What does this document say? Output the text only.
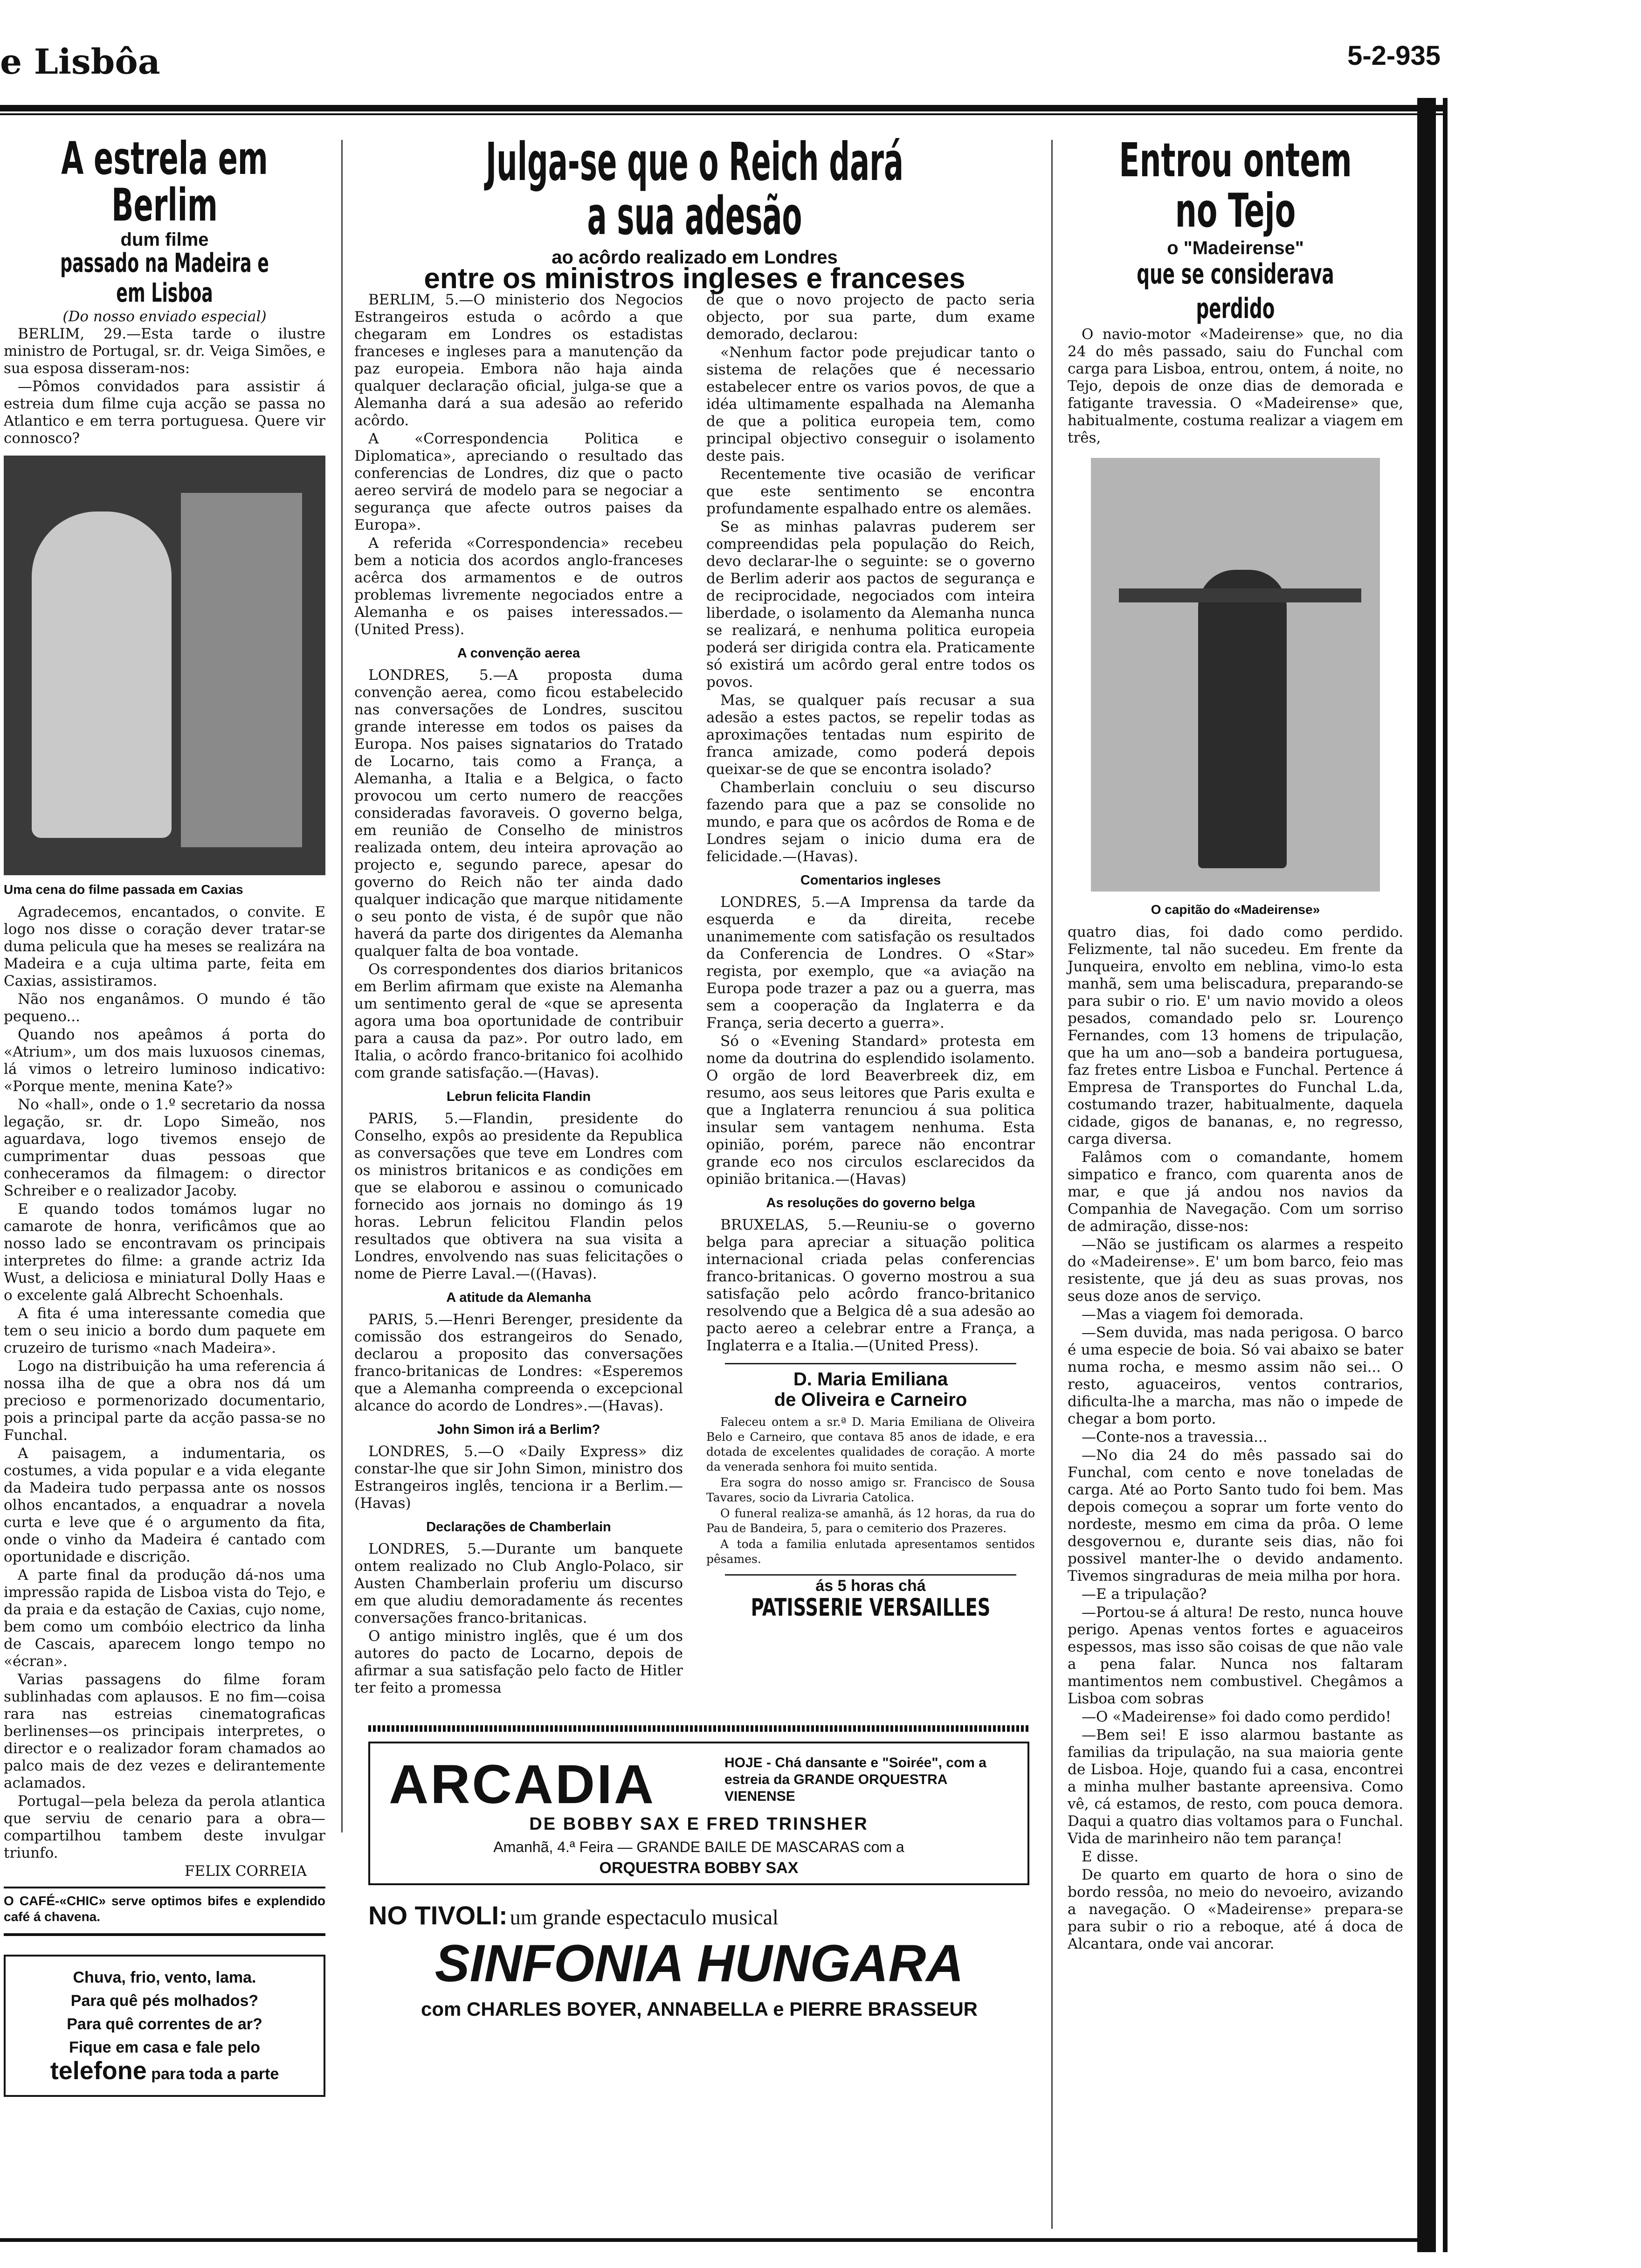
e Lisbôa	5-2-935
A estrela em Berlim
dum filme
passado na Madeira e em Lisboa
(Do nosso enviado especial)

BERLIM, 29.—Esta tarde o ilustre ministro de Portugal, sr. dr. Veiga Simões, e sua esposa disseram-nos:

—Pômos convidados para assistir á estreia dum filme cuja acção se passa no Atlantico e em terra portuguesa. Quere vir connosco?

Uma cena do filme passada em Caxias

Agradecemos, encantados, o convite. E logo nos disse o coração dever tratar-se duma pelicula que ha meses se realizára na Madeira e a cuja ultima parte, feita em Caxias, assistiramos.

Não nos enganâmos. O mundo é tão pequeno...

Quando nos apeâmos á porta do «Atrium», um dos mais luxuosos cinemas, lá vimos o letreiro luminoso indicativo: «Porque mente, menina Kate?»

No «hall», onde o 1.º secretario da nossa legação, sr. dr. Lopo Simeão, nos aguardava, logo tivemos ensejo de cumprimentar duas pessoas que conheceramos da filmagem: o director Schreiber e o realizador Jacoby.

E quando todos tomámos lugar no camarote de honra, verificâmos que ao nosso lado se encontravam os principais interpretes do filme: a grande actriz Ida Wust, a deliciosa e miniatural Dolly Haas e o excelente galá Albrecht Schoenhals.

A fita é uma interessante comedia que tem o seu inicio a bordo dum paquete em cruzeiro de turismo «nach Madeira».

Logo na distribuição ha uma referencia á nossa ilha de que a obra nos dá um precioso e pormenorizado documentario, pois a principal parte da acção passa-se no Funchal.

A paisagem, a indumentaria, os costumes, a vida popular e a vida elegante da Madeira tudo perpassa ante os nossos olhos encantados, a enquadrar a novela curta e leve que é o argumento da fita, onde o vinho da Madeira é cantado com oportunidade e discrição.

A parte final da produção dá-nos uma impressão rapida de Lisboa vista do Tejo, e da praia e da estação de Caxias, cujo nome, bem como um combóio electrico da linha de Cascais, aparecem longo tempo no «écran».

Varias passagens do filme foram sublinhadas com aplausos. E no fim—coisa rara nas estreias cinematograficas berlinenses—os principais interpretes, o director e o realizador foram chamados ao palco mais de dez vezes e delirantemente aclamados.

Portugal—pela beleza da perola atlantica que serviu de cenario para a obra—compartilhou tambem deste invulgar triunfo.

FELIX CORREIA

O CAFÉ-«CHIC» serve optimos bifes e explendido café á chavena.
Chuva, frio, vento, lama.
Para quê pés molhados?
Para quê correntes de ar?
Fique em casa e fale pelo
telefone para toda a parte
Julga-se que o Reich dará a sua adesão
ao acôrdo realizado em Londres
entre os ministros ingleses e franceses

BERLIM, 5.—O ministerio dos Negocios Estrangeiros estuda o acôrdo a que chegaram em Londres os estadistas franceses e ingleses para a manutenção da paz europeia. Embora não haja ainda qualquer declaração oficial, julga-se que a Alemanha dará a sua adesão ao referido acôrdo.

A «Correspondencia Politica e Diplomatica», apreciando o resultado das conferencias de Londres, diz que o pacto aereo servirá de modelo para se negociar a segurança que afecte outros paises da Europa».

A referida «Correspondencia» recebeu bem a noticia dos acordos anglo-franceses acêrca dos armamentos e de outros problemas livremente negociados entre a Alemanha e os paises interessados.—(United Press).

A convenção aerea

LONDRES, 5.—A proposta duma convenção aerea, como ficou estabelecido nas conversações de Londres, suscitou grande interesse em todos os paises da Europa. Nos paises signatarios do Tratado de Locarno, tais como a França, a Alemanha, a Italia e a Belgica, o facto provocou um certo numero de reacções consideradas favoraveis. O governo belga, em reunião de Conselho de ministros realizada ontem, deu inteira aprovação ao projecto e, segundo parece, apesar do governo do Reich não ter ainda dado qualquer indicação que marque nitidamente o seu ponto de vista, é de supôr que não haverá da parte dos dirigentes da Alemanha qualquer falta de boa vontade.

Os correspondentes dos diarios britanicos em Berlim afirmam que existe na Alemanha um sentimento geral de «que se apresenta agora uma boa oportunidade de contribuir para a causa da paz». Por outro lado, em Italia, o acôrdo franco-britanico foi acolhido com grande satisfação.—(Havas).

Lebrun felicita Flandin

PARIS, 5.—Flandin, presidente do Conselho, expôs ao presidente da Republica as conversações que teve em Londres com os ministros britanicos e as condições em que se elaborou e assinou o comunicado fornecido aos jornais no domingo ás 19 horas. Lebrun felicitou Flandin pelos resultados que obtivera na sua visita a Londres, envolvendo nas suas felicitações o nome de Pierre Laval.—((Havas).

A atitude da Alemanha

PARIS, 5.—Henri Berenger, presidente da comissão dos estrangeiros do Senado, declarou a proposito das conversações franco-britanicas de Londres: «Esperemos que a Alemanha compreenda o excepcional alcance do acordo de Londres».—(Havas).

John Simon irá a Berlim?

LONDRES, 5.—O «Daily Express» diz constar-lhe que sir John Simon, ministro dos Estrangeiros inglês, tenciona ir a Berlim.—(Havas)

Declarações de Chamberlain

LONDRES, 5.—Durante um banquete ontem realizado no Club Anglo-Polaco, sir Austen Chamberlain proferiu um discurso em que aludiu demoradamente ás recentes conversações franco-britanicas.

O antigo ministro inglês, que é um dos autores do pacto de Locarno, depois de afirmar a sua satisfação pelo facto de Hitler ter feito a promessa

de que o novo projecto de pacto seria objecto, por sua parte, dum exame demorado, declarou:

«Nenhum factor pode prejudicar tanto o sistema de relações que é necessario estabelecer entre os varios povos, de que a idéa ultimamente espalhada na Alemanha de que a politica europeia tem, como principal objectivo conseguir o isolamento deste pais.

Recentemente tive ocasião de verificar que este sentimento se encontra profundamente espalhado entre os alemães.

Se as minhas palavras puderem ser compreendidas pela população do Reich, devo declarar-lhe o seguinte: se o governo de Berlim aderir aos pactos de segurança e de reciprocidade, negociados com inteira liberdade, o isolamento da Alemanha nunca se realizará, e nenhuma politica europeia poderá ser dirigida contra ela. Praticamente só existirá um acôrdo geral entre todos os povos.

Mas, se qualquer país recusar a sua adesão a estes pactos, se repelir todas as aproximações tentadas num espirito de franca amizade, como poderá depois queixar-se de que se encontra isolado?

Chamberlain concluiu o seu discurso fazendo para que a paz se consolide no mundo, e para que os acôrdos de Roma e de Londres sejam o inicio duma era de felicidade.—(Havas).

Comentarios ingleses

LONDRES, 5.—A Imprensa da tarde da esquerda e da direita, recebe unanimemente com satisfação os resultados da Conferencia de Londres. O «Star» regista, por exemplo, que «a aviação na Europa pode trazer a paz ou a guerra, mas sem a cooperação da Inglaterra e da França, seria decerto a guerra».

Só o «Evening Standard» protesta em nome da doutrina do esplendido isolamento. O orgão de lord Beaverbreek diz, em resumo, aos seus leitores que Paris exulta e que a Inglaterra renunciou á sua politica insular sem vantagem nenhuma. Esta opinião, porém, parece não encontrar grande eco nos circulos esclarecidos da opinião britanica.—(Havas)

As resoluções do governo belga

BRUXELAS, 5.—Reuniu-se o governo belga para apreciar a situação politica internacional criada pelas conferencias franco-britanicas. O governo mostrou a sua satisfação pelo acôrdo franco-britanico resolvendo que a Belgica dê a sua adesão ao pacto aereo a celebrar entre a França, a Inglaterra e a Italia.—(United Press).

D. Maria Emiliana
de Oliveira e Carneiro

Faleceu ontem a sr.ª D. Maria Emiliana de Oliveira Belo e Carneiro, que contava 85 anos de idade, e era dotada de excelentes qualidades de coração. A morte da venerada senhora foi muito sentida.

Era sogra do nosso amigo sr. Francisco de Sousa Tavares, socio da Livraria Catolica.

O funeral realiza-se amanhã, ás 12 horas, da rua do Pau de Bandeira, 5, para o cemiterio dos Prazeres.

A toda a familia enlutada apresentamos sentidos pêsames.

ás 5 horas chá
PATISSERIE VERSAILLES
ARCADIA	HOJE - Chá dansante e "Soirée", com a estreia da GRANDE ORQUESTRA VIENENSE
DE BOBBY SAX E FRED TRINSHER
Amanhã, 4.ª Feira — GRANDE BAILE DE MASCARAS com a
ORQUESTRA BOBBY SAX
NO TIVOLI: um grande espectaculo musical
SINFONIA HUNGARA
com CHARLES BOYER, ANNABELLA e PIERRE BRASSEUR
Entrou ontem no Tejo
o "Madeirense"
que se considerava perdido

O navio-motor «Madeirense» que, no dia 24 do mês passado, saiu do Funchal com carga para Lisboa, entrou, ontem, á noite, no Tejo, depois de onze dias de demorada e fatigante travessia. O «Madeirense» que, habitualmente, costuma realizar a viagem em três,

O capitão do «Madeirense»

quatro dias, foi dado como perdido. Felizmente, tal não sucedeu. Em frente da Junqueira, envolto em neblina, vimo-lo esta manhã, sem uma beliscadura, preparando-se para subir o rio. E' um navio movido a oleos pesados, comandado pelo sr. Lourenço Fernandes, com 13 homens de tripulação, que ha um ano—sob a bandeira portuguesa, faz fretes entre Lisboa e Funchal. Pertence á Empresa de Transportes do Funchal L.da, costumando trazer, habitualmente, daquela cidade, gigos de bananas, e, no regresso, carga diversa.

Falâmos com o comandante, homem simpatico e franco, com quarenta anos de mar, e que já andou nos navios da Companhia de Navegação. Com um sorriso de admiração, disse-nos:

—Não se justificam os alarmes a respeito do «Madeirense». E' um bom barco, feio mas resistente, que já deu as suas provas, nos seus doze anos de serviço.

—Mas a viagem foi demorada.

—Sem duvida, mas nada perigosa. O barco é uma especie de boia. Só vai abaixo se bater numa rocha, e mesmo assim não sei... O resto, aguaceiros, ventos contrarios, dificulta-lhe a marcha, mas não o impede de chegar a bom porto.

—Conte-nos a travessia...

—No dia 24 do mês passado sai do Funchal, com cento e nove toneladas de carga. Até ao Porto Santo tudo foi bem. Mas depois começou a soprar um forte vento do nordeste, mesmo em cima da prôa. O leme desgovernou e, durante seis dias, não foi possivel manter-lhe o devido andamento. Tivemos singraduras de meia milha por hora.

—E a tripulação?

—Portou-se á altura! De resto, nunca houve perigo. Apenas ventos fortes e aguaceiros espessos, mas isso são coisas de que não vale a pena falar. Nunca nos faltaram mantimentos nem combustivel. Chegâmos a Lisboa com sobras

—O «Madeirense» foi dado como perdido!

—Bem sei! E isso alarmou bastante as familias da tripulação, na sua maioria gente de Lisboa. Hoje, quando fui a casa, encontrei a minha mulher bastante apreensiva. Como vê, cá estamos, de resto, com pouca demora. Daqui a quatro dias voltamos para o Funchal. Vida de marinheiro não tem parança!

E disse.

De quarto em quarto de hora o sino de bordo ressôa, no meio do nevoeiro, avizando a navegação. O «Madeirense» prepara-se para subir o rio a reboque, até á doca de Alcantara, onde vai ancorar.
